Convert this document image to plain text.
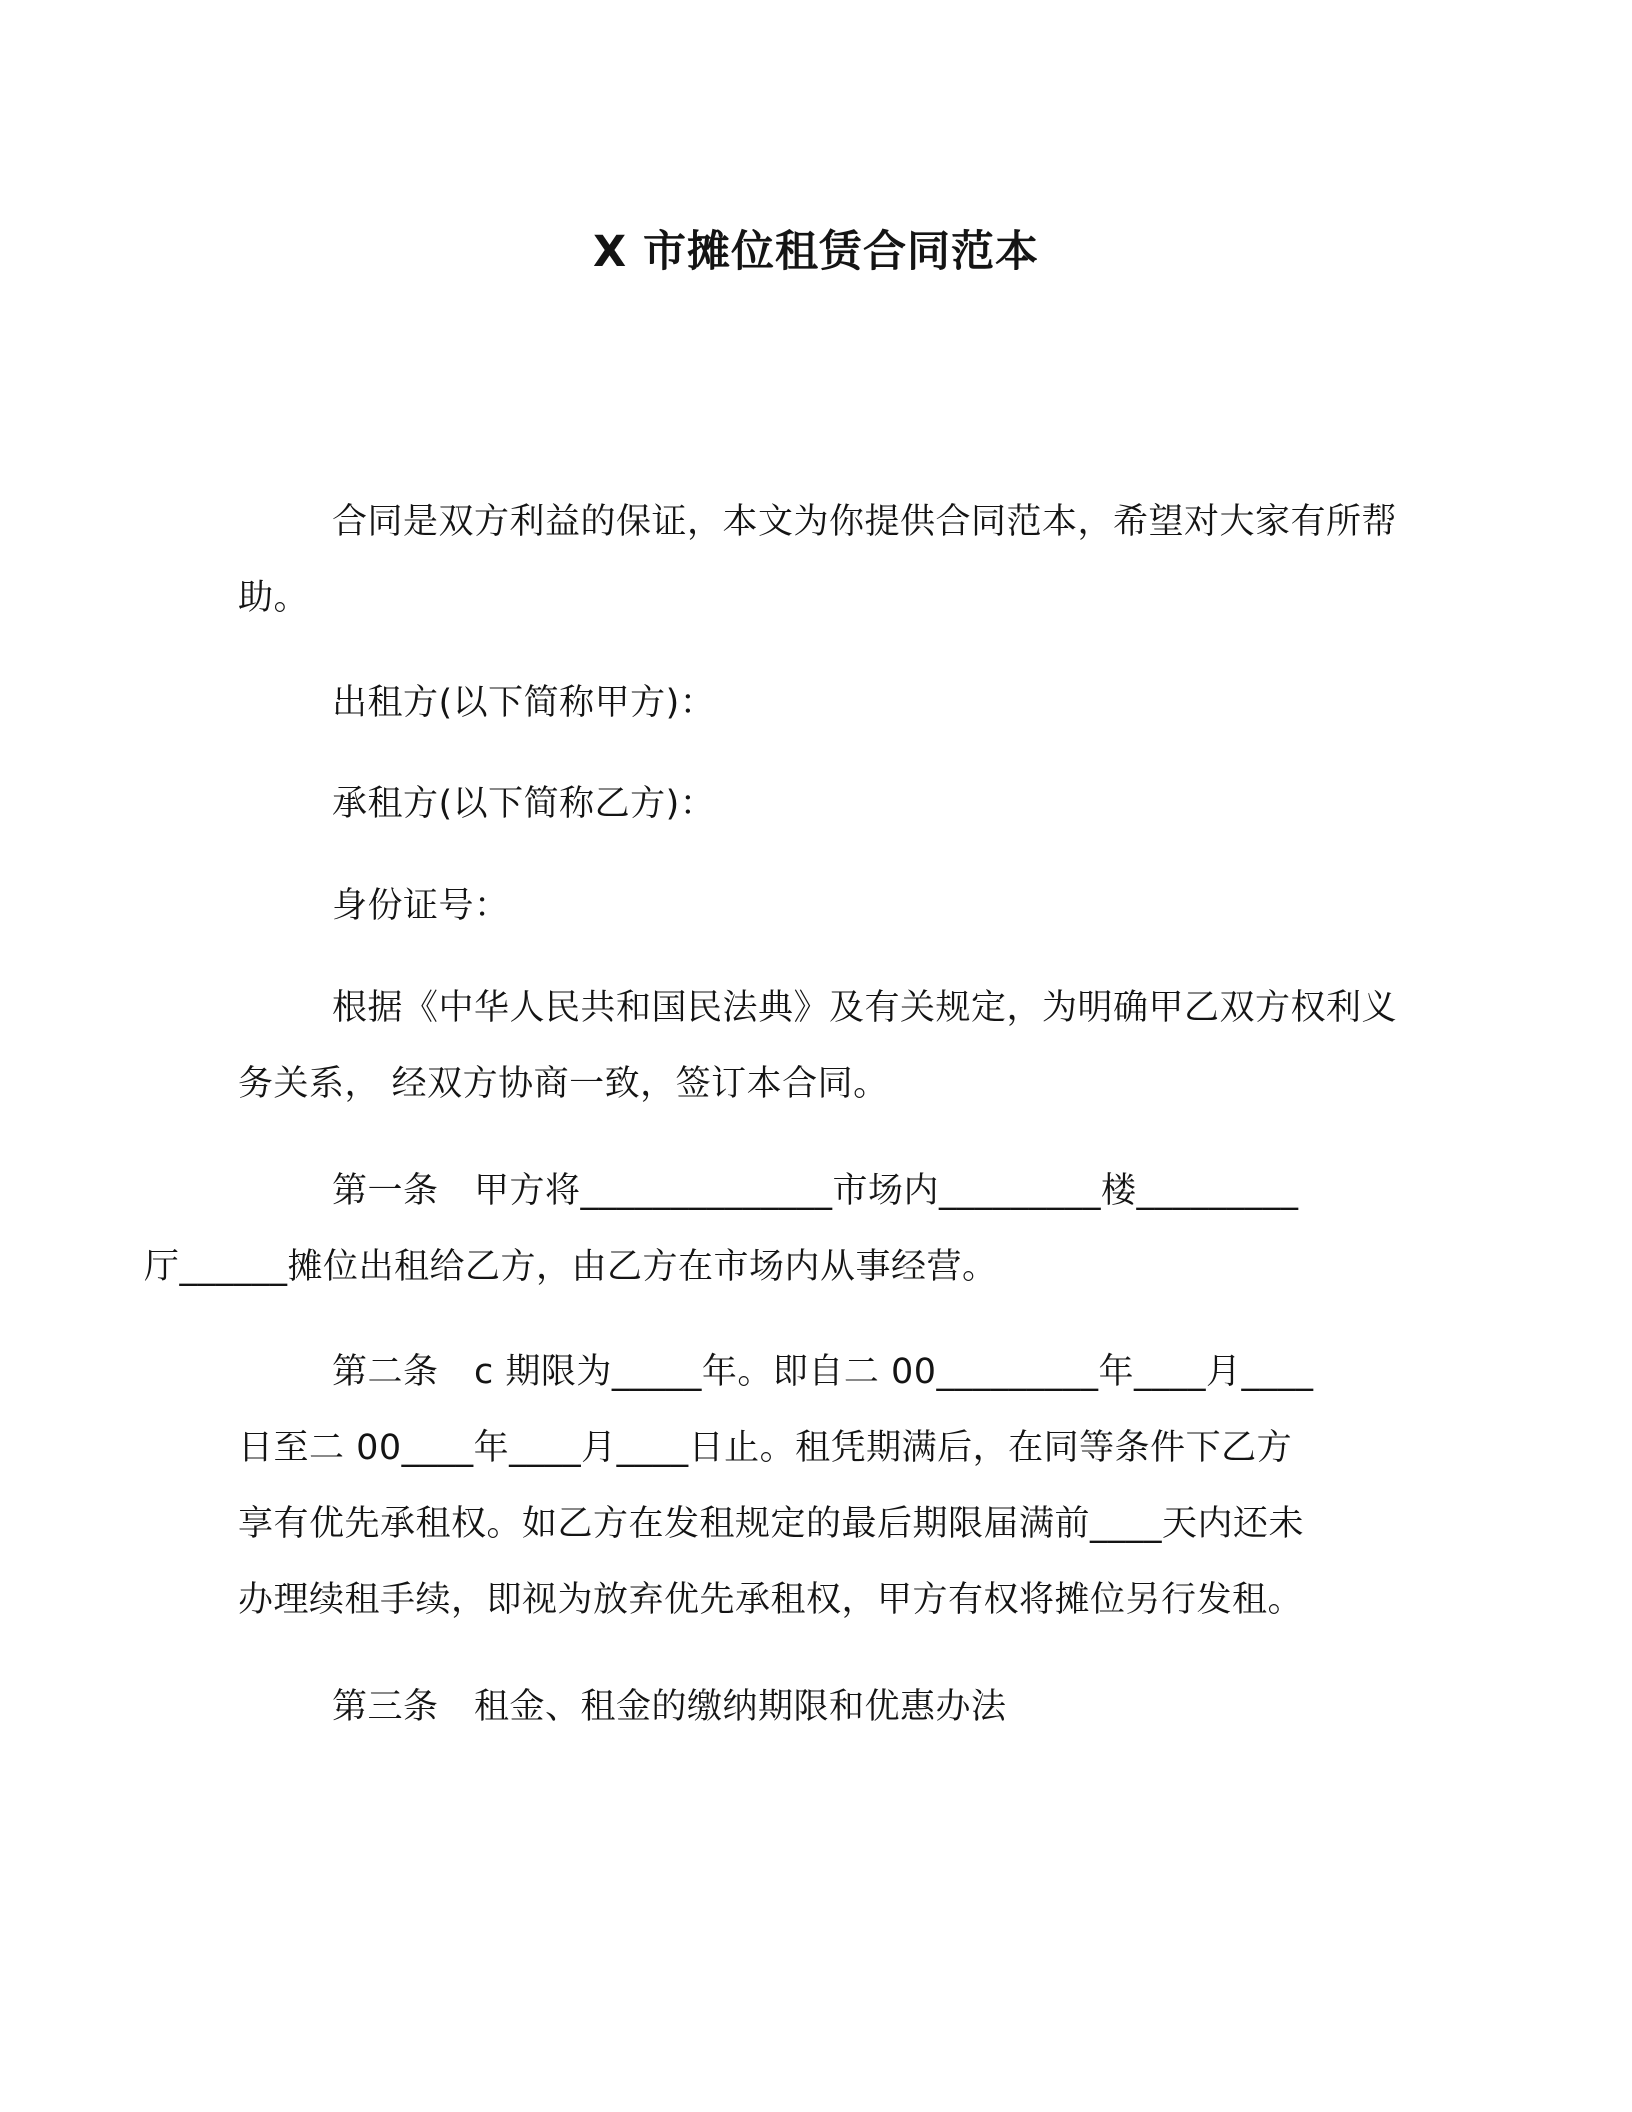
X 市摊位租赁合同范本

合同是双方利益的保证，本文为你提供合同范本，希望对大家有所帮助。

出租方(以下简称甲方)：

承租方(以下简称乙方)：

身份证号：

根据《中华人民共和国民法典》及有关规定，为明确甲乙双方权利义务关系， 经双方协商一致，签订本合同。

第一条　甲方将______________市场内_________楼_________
厅______摊位出租给乙方，由乙方在市场内从事经营。
第二条　c 期限为_____年。即自二 00_________年____月____
日至二 00____年____月____日止。租凭期满后，在同等条件下乙方
享有优先承租权。如乙方在发租规定的最后期限届满前____天内还未
办理续租手续，即视为放弃优先承租权，甲方有权将摊位另行发租。

第三条　租金、租金的缴纳期限和优惠办法
